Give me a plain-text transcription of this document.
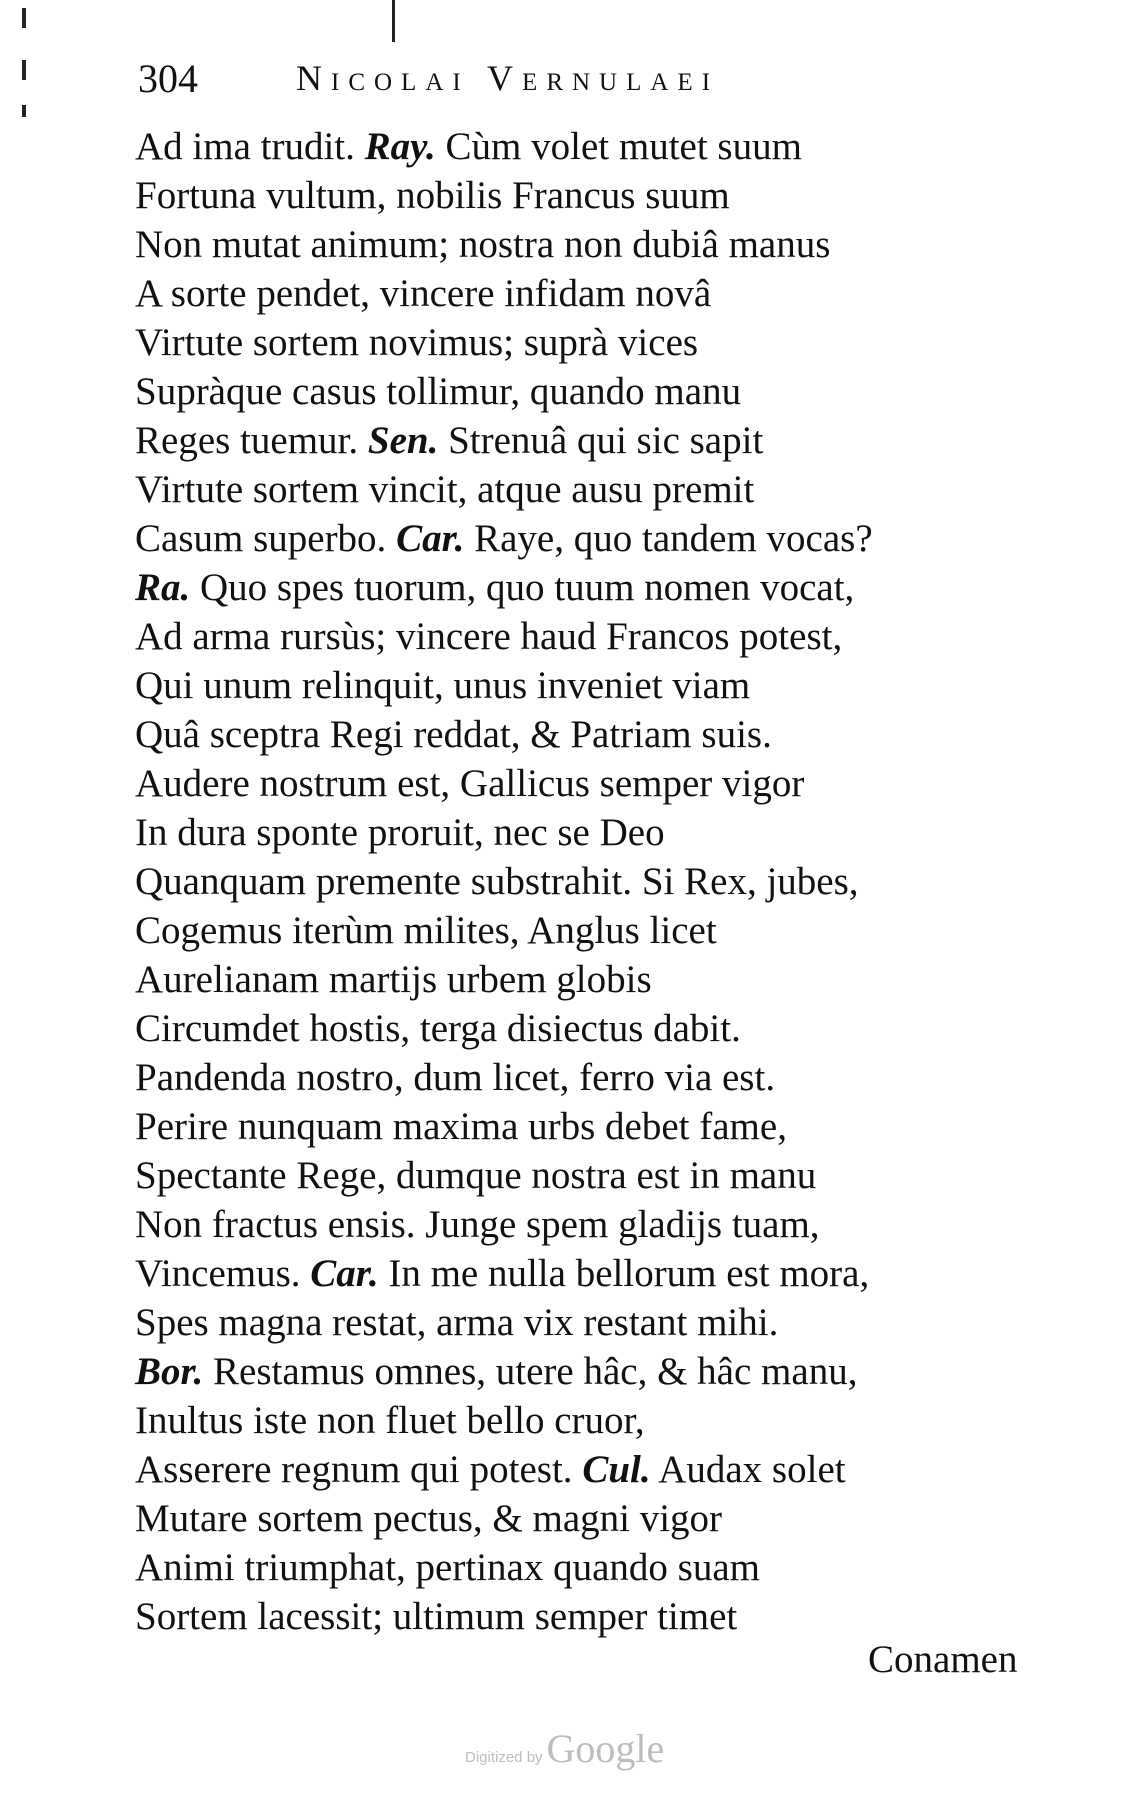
304	Nicolai Vernulaei
Ad ima trudit. Ray. Cùm volet mutet suum
Fortuna vultum, nobilis Francus suum
Non mutat animum; nostra non dubiâ manus
A sorte pendet, vincere infidam novâ
Virtute sortem novimus; suprà vices
Supràque casus tollimur, quando manu
Reges tuemur. Sen. Strenuâ qui sic sapit
Virtute sortem vincit, atque ausu premit
Casum superbo. Car. Raye, quo tandem vocas?
Ra. Quo spes tuorum, quo tuum nomen vocat,
Ad arma rursùs; vincere haud Francos potest,
Qui unum relinquit, unus inveniet viam
Quâ sceptra Regi reddat, & Patriam suis.
Audere nostrum est, Gallicus semper vigor
In dura sponte proruit, nec se Deo
Quanquam premente substrahit. Si Rex, jubes,
Cogemus iterùm milites, Anglus licet
Aurelianam martijs urbem globis
Circumdet hostis, terga disiectus dabit.
Pandenda nostro, dum licet, ferro via est.
Perire nunquam maxima urbs debet fame,
Spectante Rege, dumque nostra est in manu
Non fractus ensis. Junge spem gladijs tuam,
Vincemus. Car. In me nulla bellorum est mora,
Spes magna restat, arma vix restant mihi.
Bor. Restamus omnes, utere hâc, & hâc manu,
Inultus iste non fluet bello cruor,
Asserere regnum qui potest. Cul. Audax solet
Mutare sortem pectus, & magni vigor
Animi triumphat, pertinax quando suam
Sortem lacessit; ultimum semper timet
Conamen
Digitized by Google
